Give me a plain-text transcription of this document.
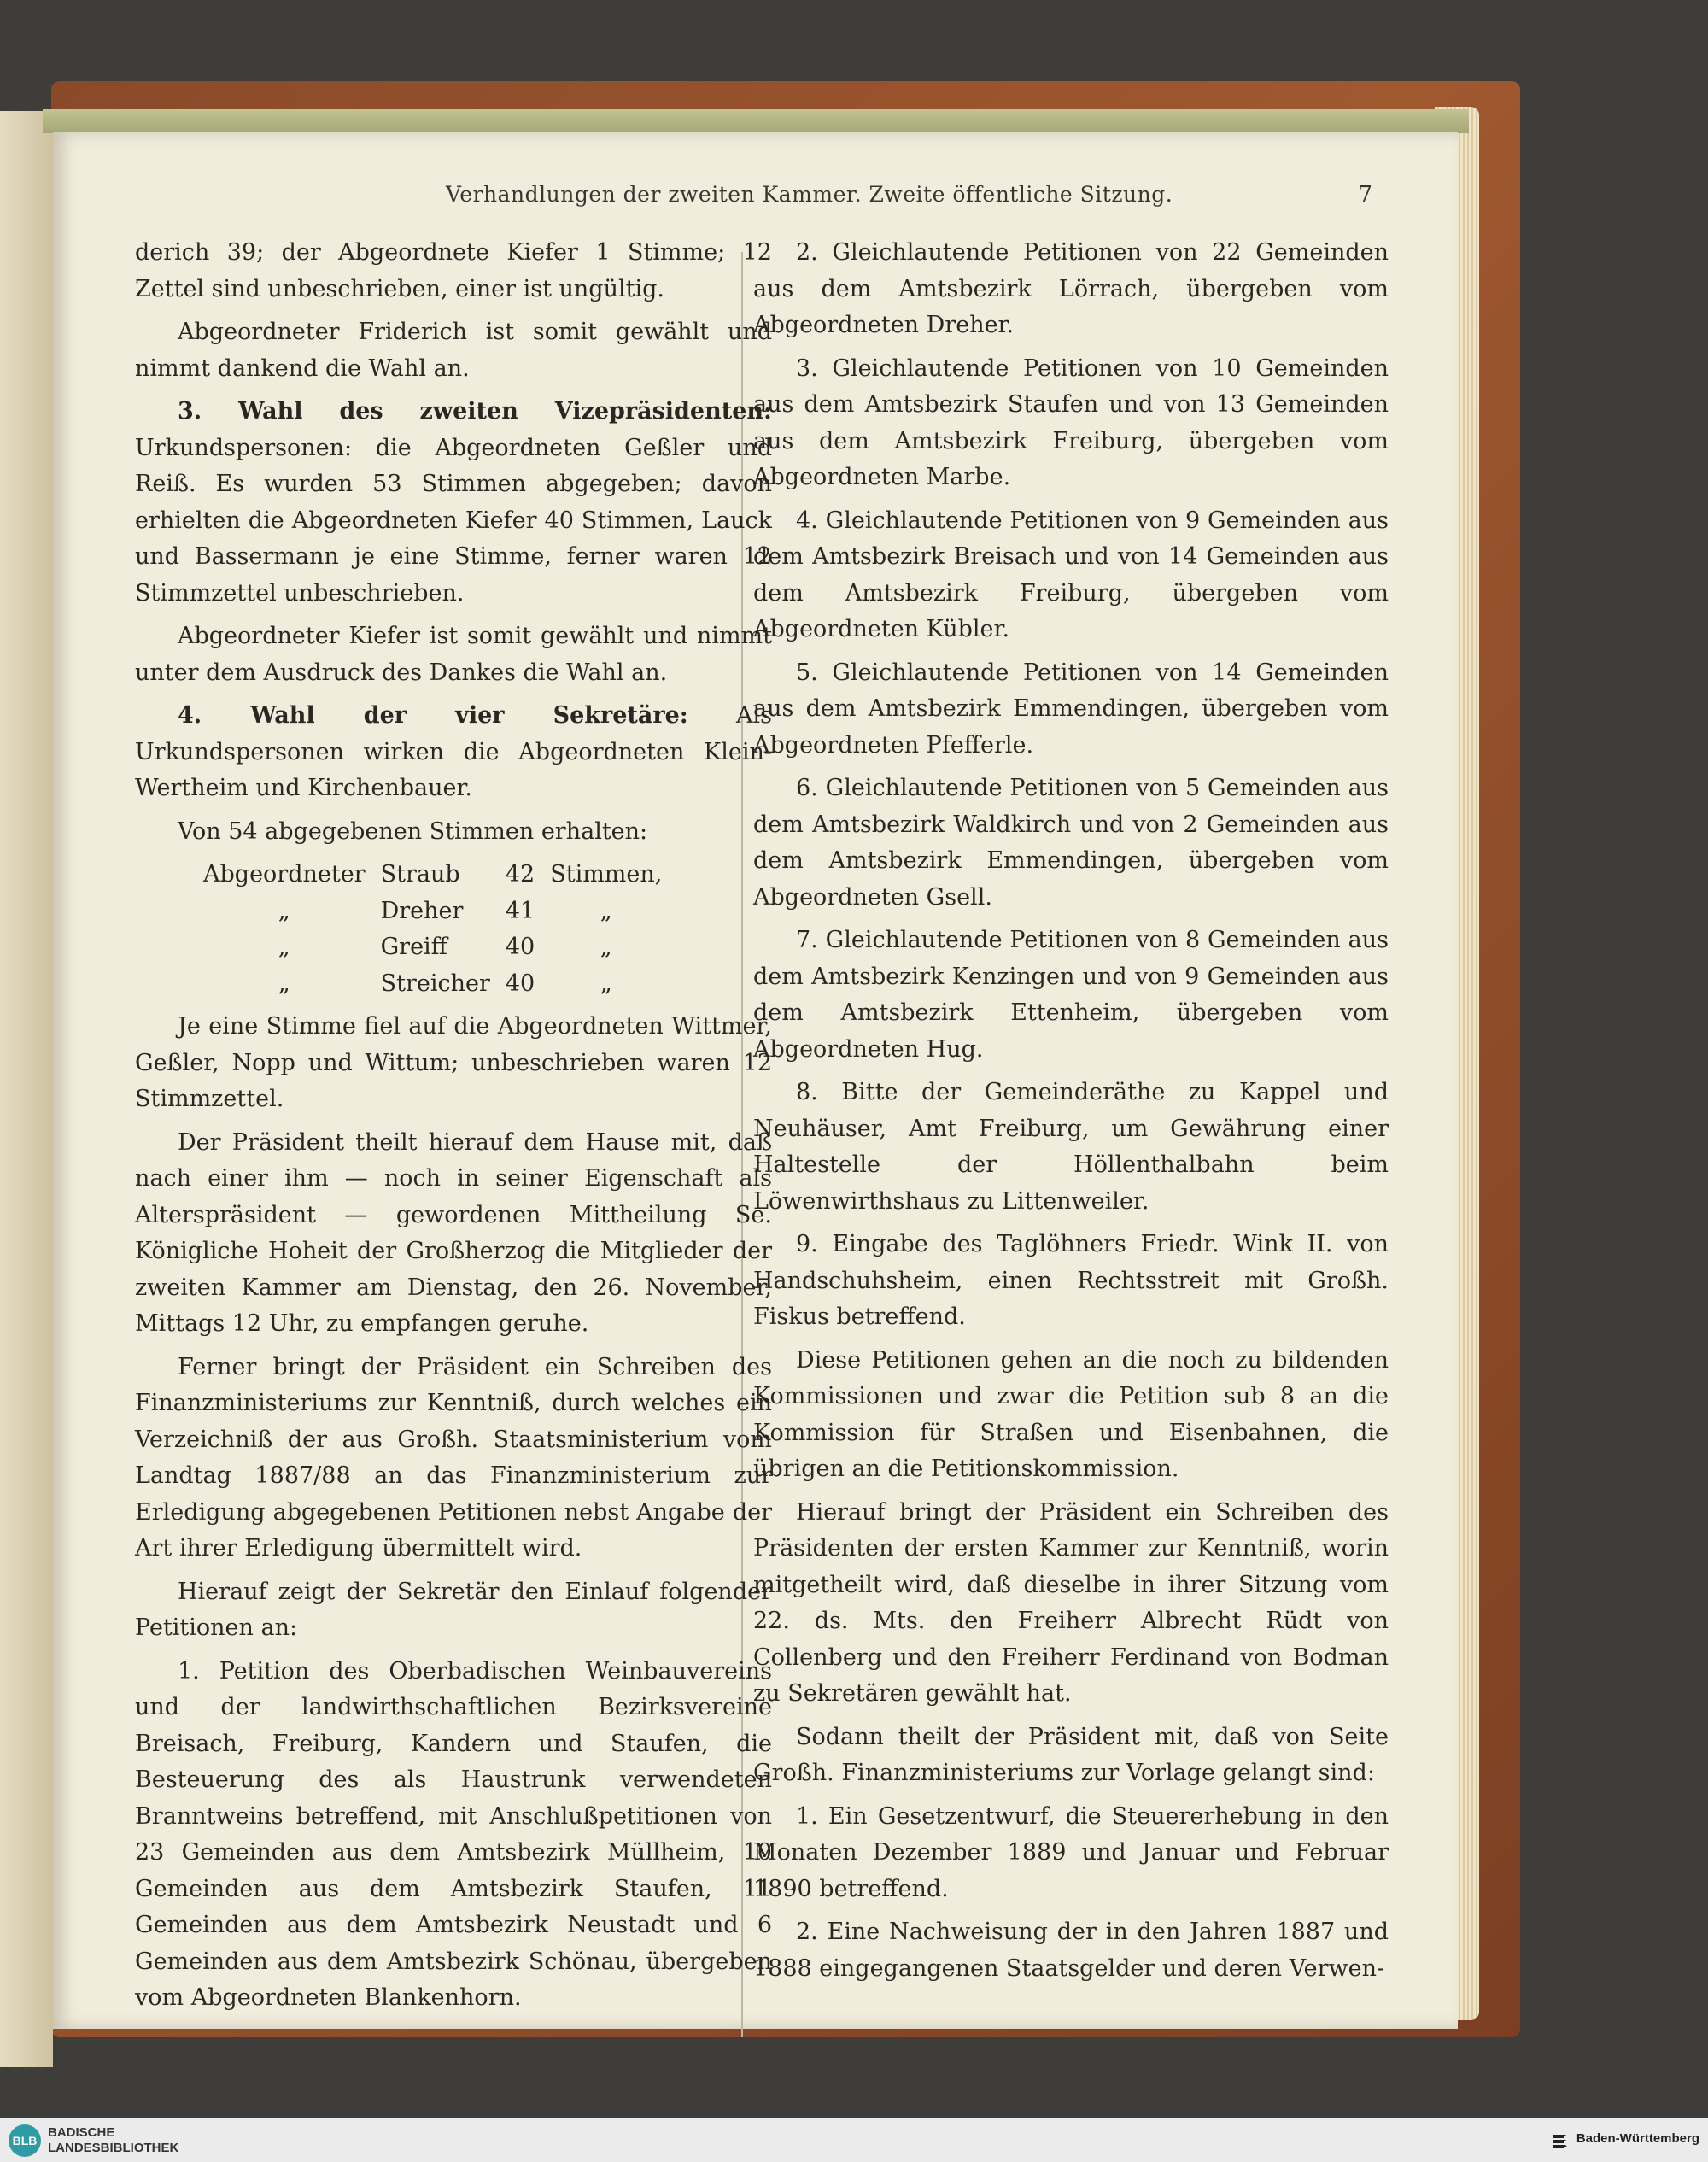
Verhandlungen der zweiten Kammer. Zweite öffentliche Sitzung.	7

derich 39; der Abgeordnete Kiefer 1 Stimme; 12 Zettel sind unbeschrieben, einer ist ungültig.

Abgeordneter Friderich ist somit gewählt und nimmt dankend die Wahl an.

3. Wahl des zweiten Vizepräsidenten: Urkundspersonen: die Abgeordneten Geßler und Reiß. Es wurden 53 Stimmen abgegeben; davon erhielten die Abgeordneten Kiefer 40 Stimmen, Lauck und Bassermann je eine Stimme, ferner waren 12 Stimmzettel unbeschrieben.

Abgeordneter Kiefer ist somit gewählt und nimmt unter dem Ausdruck des Dankes die Wahl an.

4. Wahl der vier Sekretäre: Als Urkundspersonen wirken die Abgeordneten Klein-Wertheim und Kirchenbauer.

Von 54 abgegebenen Stimmen erhalten:

Abgeordneter	Straub	42	Stimmen,
„	Dreher	41	„
„	Greiff	40	„
„	Streicher	40	„

Je eine Stimme fiel auf die Abgeordneten Wittmer, Geßler, Nopp und Wittum; unbeschrieben waren 12 Stimmzettel.

Der Präsident theilt hierauf dem Hause mit, daß nach einer ihm — noch in seiner Eigenschaft als Alterspräsident — gewordenen Mittheilung Se. Königliche Hoheit der Großherzog die Mitglieder der zweiten Kammer am Dienstag, den 26. November, Mittags 12 Uhr, zu empfangen geruhe.

Ferner bringt der Präsident ein Schreiben des Finanzministeriums zur Kenntniß, durch welches ein Verzeichniß der aus Großh. Staatsministerium vom Landtag 1887/88 an das Finanzministerium zur Erledigung abgegebenen Petitionen nebst Angabe der Art ihrer Erledigung übermittelt wird.

Hierauf zeigt der Sekretär den Einlauf folgender Petitionen an:

1. Petition des Oberbadischen Weinbauvereins und der landwirthschaftlichen Bezirksvereine Breisach, Freiburg, Kandern und Staufen, die Besteuerung des als Haustrunk verwendeten Branntweins betreffend, mit Anschlußpetitionen von 23 Gemeinden aus dem Amtsbezirk Müllheim, 10 Gemeinden aus dem Amtsbezirk Staufen, 11 Gemeinden aus dem Amtsbezirk Neustadt und 6 Gemeinden aus dem Amtsbezirk Schönau, übergeben vom Abgeordneten Blankenhorn.

2. Gleichlautende Petitionen von 22 Gemeinden aus dem Amtsbezirk Lörrach, übergeben vom Abgeordneten Dreher.

3. Gleichlautende Petitionen von 10 Gemeinden aus dem Amtsbezirk Staufen und von 13 Gemeinden aus dem Amtsbezirk Freiburg, übergeben vom Abgeordneten Marbe.

4. Gleichlautende Petitionen von 9 Gemeinden aus dem Amtsbezirk Breisach und von 14 Gemeinden aus dem Amtsbezirk Freiburg, übergeben vom Abgeordneten Kübler.

5. Gleichlautende Petitionen von 14 Gemeinden aus dem Amtsbezirk Emmendingen, übergeben vom Abgeordneten Pfefferle.

6. Gleichlautende Petitionen von 5 Gemeinden aus dem Amtsbezirk Waldkirch und von 2 Gemeinden aus dem Amtsbezirk Emmendingen, übergeben vom Abgeordneten Gsell.

7. Gleichlautende Petitionen von 8 Gemeinden aus dem Amtsbezirk Kenzingen und von 9 Gemeinden aus dem Amtsbezirk Ettenheim, übergeben vom Abgeordneten Hug.

8. Bitte der Gemeinderäthe zu Kappel und Neuhäuser, Amt Freiburg, um Gewährung einer Haltestelle der Höllenthalbahn beim Löwenwirthshaus zu Littenweiler.

9. Eingabe des Taglöhners Friedr. Wink II. von Handschuhsheim, einen Rechtsstreit mit Großh. Fiskus betreffend.

Diese Petitionen gehen an die noch zu bildenden Kommissionen und zwar die Petition sub 8 an die Kommission für Straßen und Eisenbahnen, die übrigen an die Petitionskommission.

Hierauf bringt der Präsident ein Schreiben des Präsidenten der ersten Kammer zur Kenntniß, worin mitgetheilt wird, daß dieselbe in ihrer Sitzung vom 22. ds. Mts. den Freiherr Albrecht Rüdt von Collenberg und den Freiherr Ferdinand von Bodman zu Sekretären gewählt hat.

Sodann theilt der Präsident mit, daß von Seite Großh. Finanzministeriums zur Vorlage gelangt sind:

1. Ein Gesetzentwurf, die Steuererhebung in den Monaten Dezember 1889 und Januar und Februar 1890 betreffend.

2. Eine Nachweisung der in den Jahren 1887 und 1888 eingegangenen Staatsgelder und deren Verwen-

BLB
BADISCHE
LANDESBIBLIOTHEK
Baden-Württemberg
